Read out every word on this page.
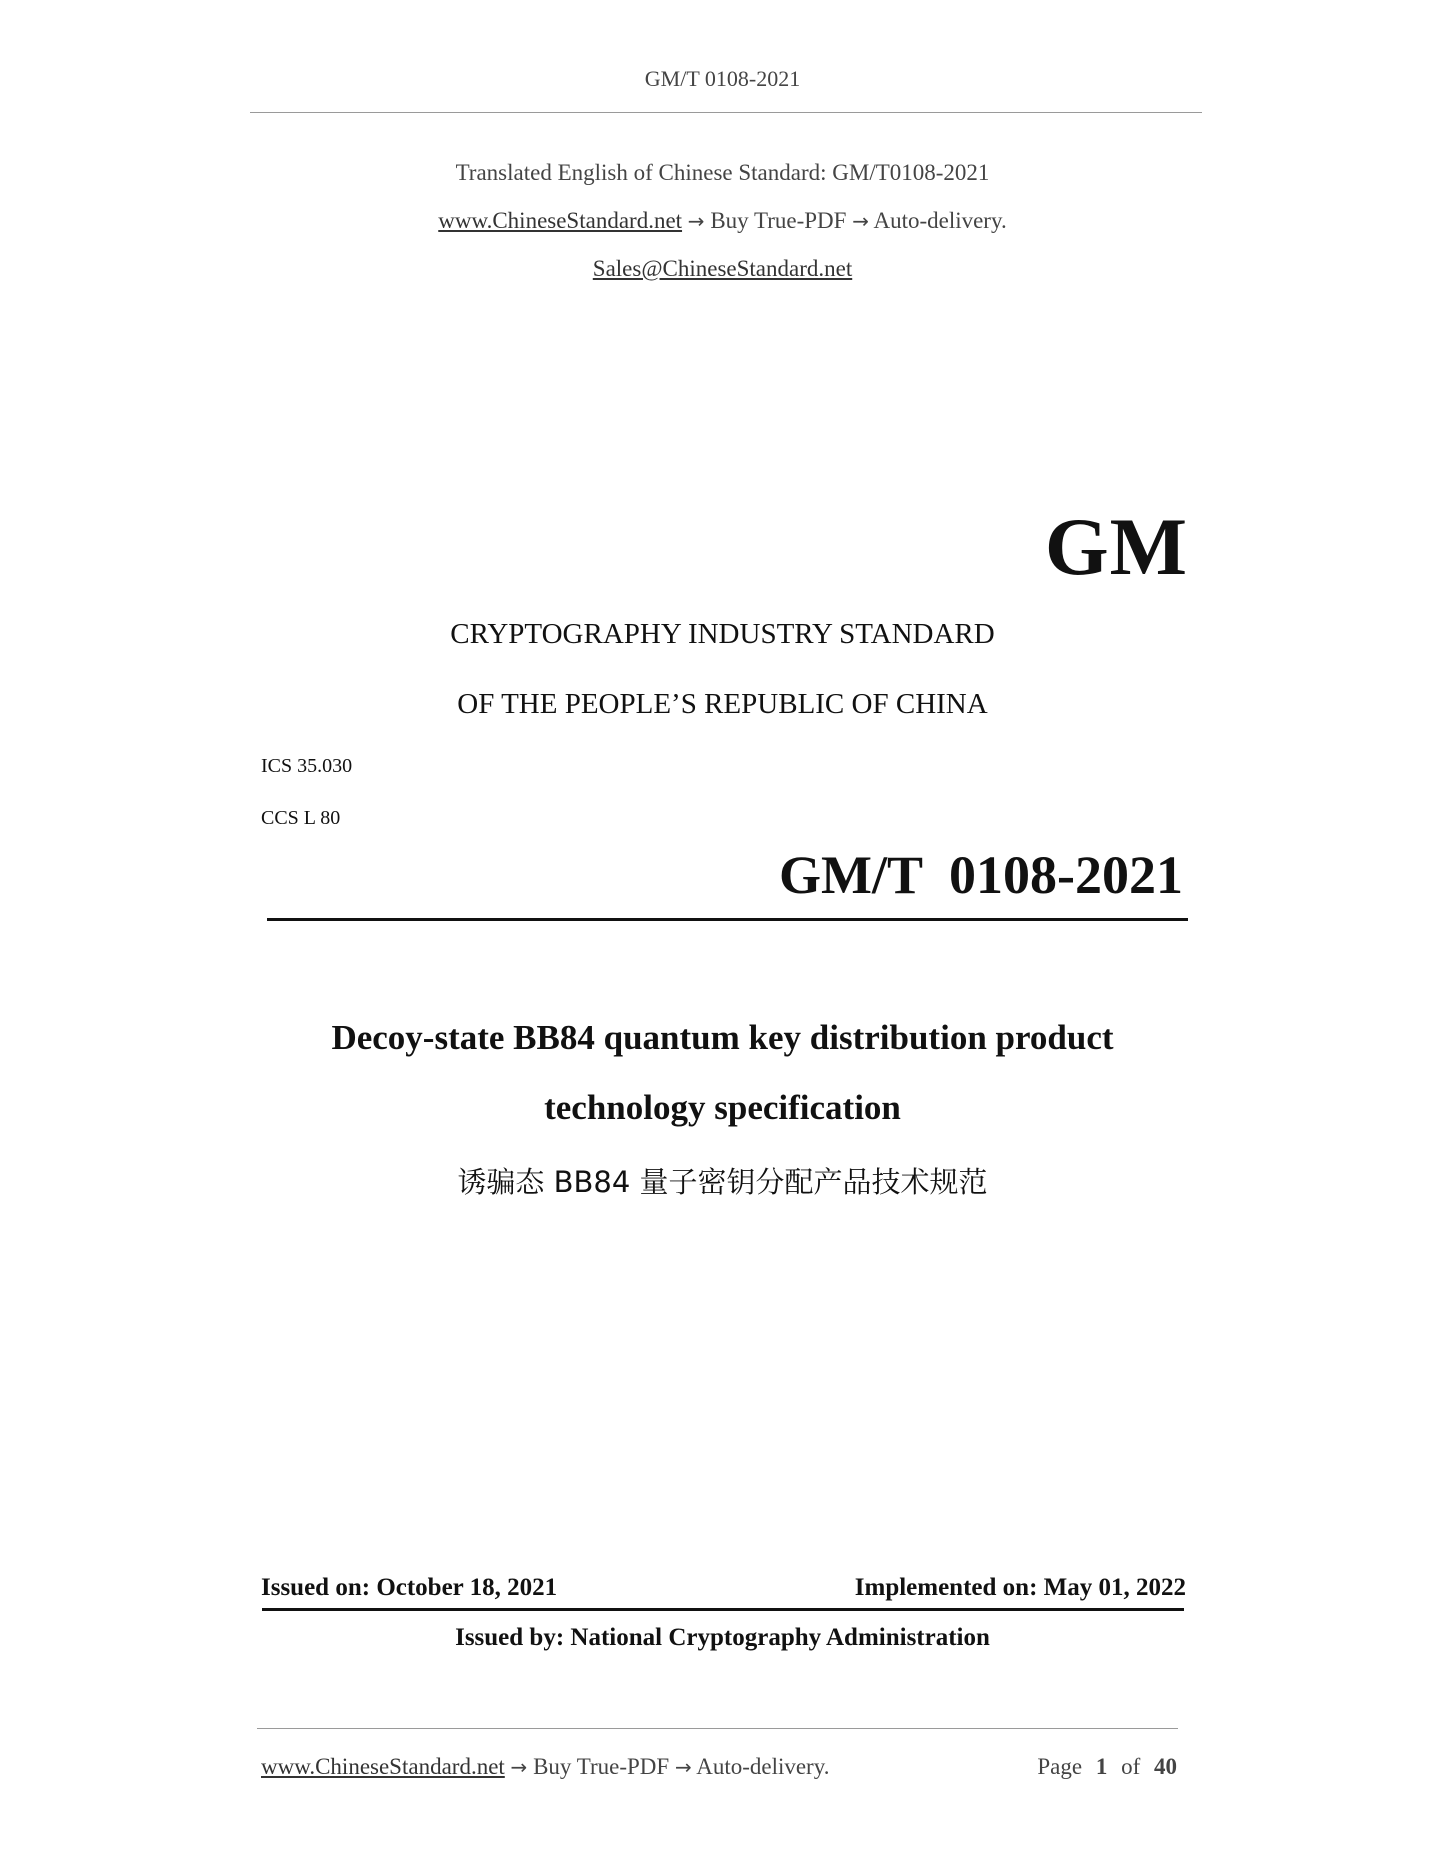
GM/T 0108-2021
Translated English of Chinese Standard: GM/T0108-2021
www.ChineseStandard.net → Buy True-PDF → Auto-delivery.
Sales@ChineseStandard.net
GM
CRYPTOGRAPHY INDUSTRY STANDARD
OF THE PEOPLE’S REPUBLIC OF CHINA
ICS 35.030
CCS L 80
GM/T  0108-2021
Decoy-state BB84 quantum key distribution product
technology specification
诱骗态 BB84 量子密钥分配产品技术规范
Issued on: October 18, 2021	Implemented on: May 01, 2022
Issued by: National Cryptography Administration
www.ChineseStandard.net → Buy True-PDF → Auto-delivery.	Page 1 of 40
